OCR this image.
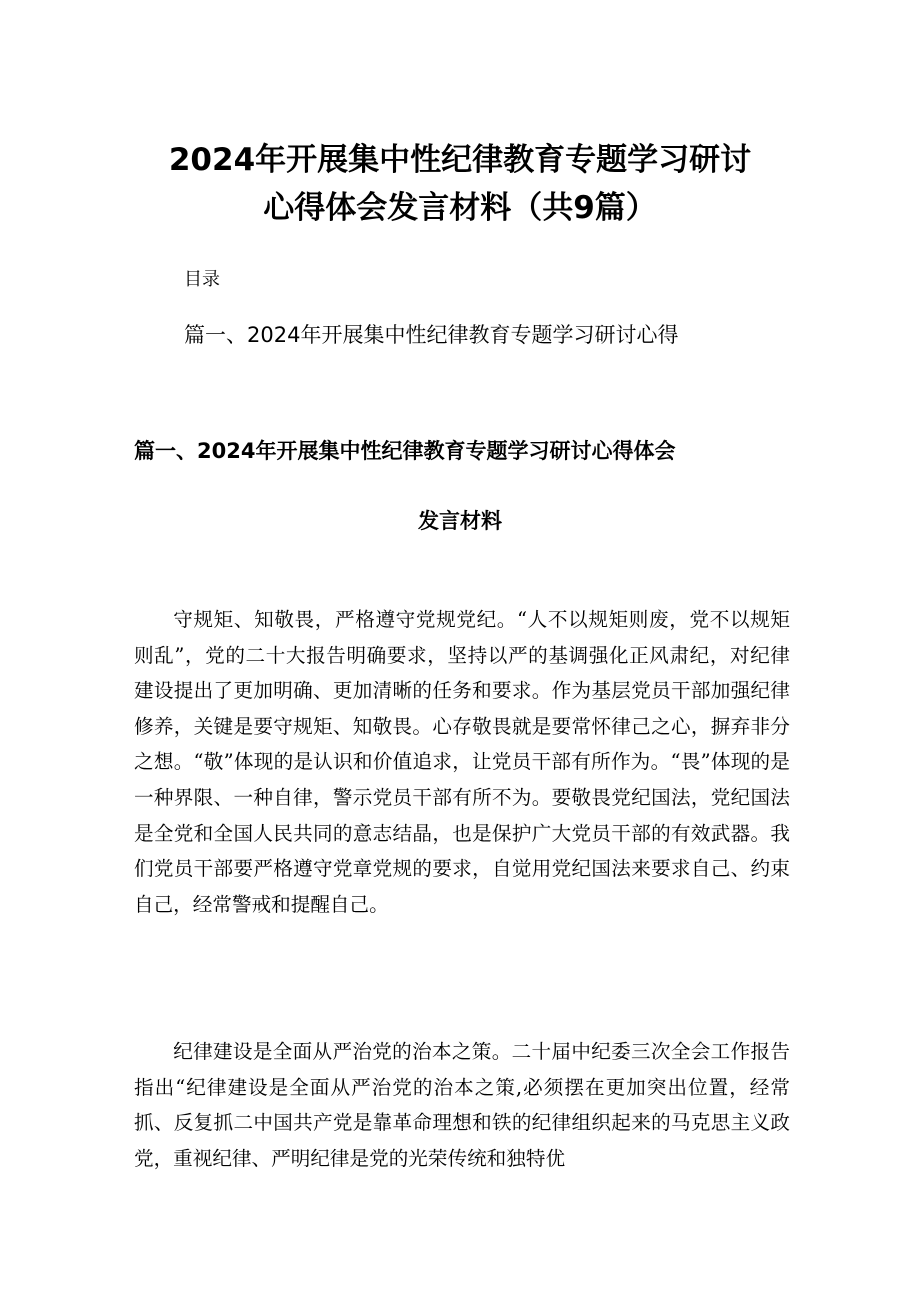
2024年开展集中性纪律教育专题学习研讨
心得体会发言材料（共9篇）

目录

篇一、2024年开展集中性纪律教育专题学习研讨心得

篇一、2024年开展集中性纪律教育专题学习研讨心得体会
发言材料

守规矩、知敬畏，严格遵守党规党纪。“人不以规矩则废，党不以规矩则乱”，党的二十大报告明确要求，坚持以严的基调强化正风肃纪，对纪律建设提出了更加明确、更加清晰的任务和要求。作为基层党员干部加强纪律修养，关键是要守规矩、知敬畏。心存敬畏就是要常怀律己之心，摒弃非分之想。“敬”体现的是认识和价值追求，让党员干部有所作为。“畏”体现的是一种界限、一种自律，警示党员干部有所不为。要敬畏党纪国法，党纪国法是全党和全国人民共同的意志结晶，也是保护广大党员干部的有效武器。我们党员干部要严格遵守党章党规的要求，自觉用党纪国法来要求自己、约束自己，经常警戒和提醒自己。

纪律建设是全面从严治党的治本之策。二十届中纪委三次全会工作报告指出“纪律建设是全面从严治党的治本之策,必须摆在更加突出位置，经常抓、反复抓二中国共产党是靠革命理想和铁的纪律组织起来的马克思主义政党，重视纪律、严明纪律是党的光荣传统和独特优
